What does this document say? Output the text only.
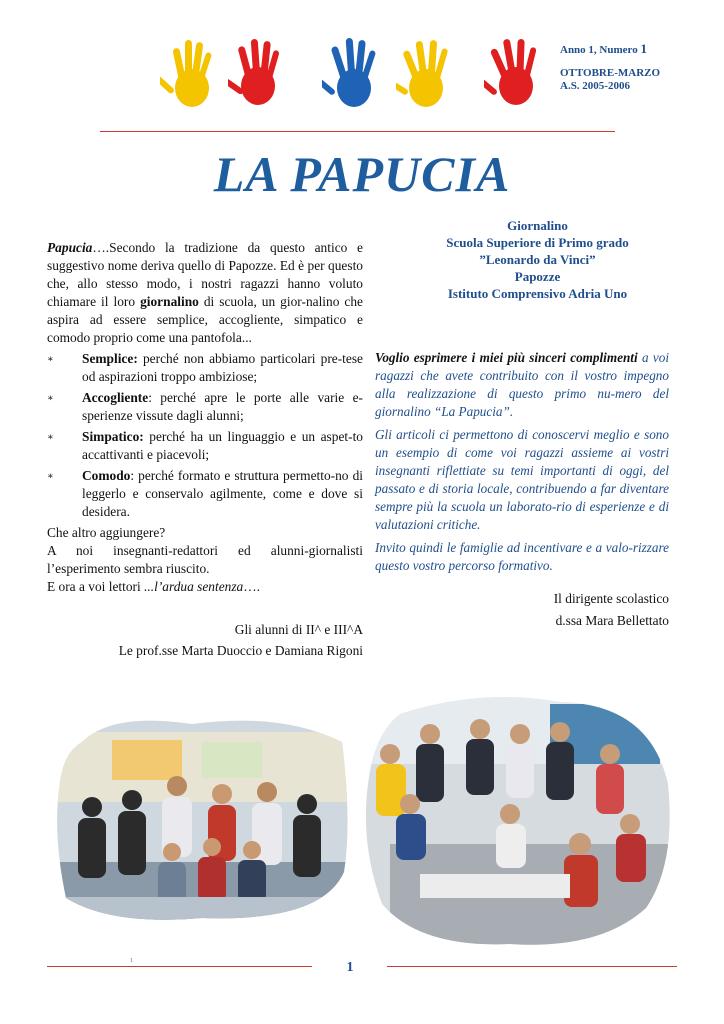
Anno 1, Numero 1
OTTOBRE-MARZO
A.S. 2005-2006
LA PAPUCIA
Giornalino
Scuola Superiore di Primo grado
”Leonardo da Vinci”
Papozze
Istituto Comprensivo Adria Uno

Papucia….Secondo la tradizione da questo antico e suggestivo nome deriva quello di Papozze. Ed è per questo che, allo stesso modo, i nostri ragazzi hanno voluto chiamare il loro giornalino di scuola, un gior-nalino che aspira ad essere semplice, accogliente, simpatico e comodo proprio come una pantofola...

∗ Semplice: perché non abbiamo particolari pre-tese od aspirazioni troppo ambiziose;
∗ Accogliente: perché apre le porte alle varie e-sperienze vissute dagli alunni;
∗ Simpatico: perché ha un linguaggio e un aspet-to accattivanti e piacevoli;
∗ Comodo: perché formato e struttura permetto-no di leggerlo e conservalo agilmente, come e dove si desidera.

Che altro aggiungere?

A noi insegnanti-redattori ed alunni-giornalisti l’esperimento sembra riuscito.

E ora a voi lettori ...l’ardua sentenza….

Gli alunni di II^ e III^A
Le prof.sse Marta Duoccio e Damiana Rigoni

Voglio esprimere i miei più sinceri complimenti a voi ragazzi che avete contribuito con il vostro impegno alla realizzazione di questo primo nu-mero del giornalino “La Papucia”.

Gli articoli ci permettono di conoscervi meglio e sono un esempio di come voi ragazzi assieme ai vostri insegnanti riflettiate su temi importanti di oggi, del passato e di storia locale, contribuendo a far diventare sempre più la scuola un laborato-rio di esperienze e di valutazioni critiche.

Invito quindi le famiglie ad incentivare e a valo-rizzare questo vostro percorso formativo.

Il dirigente scolastico
d.ssa Mara Bellettato
1	1
